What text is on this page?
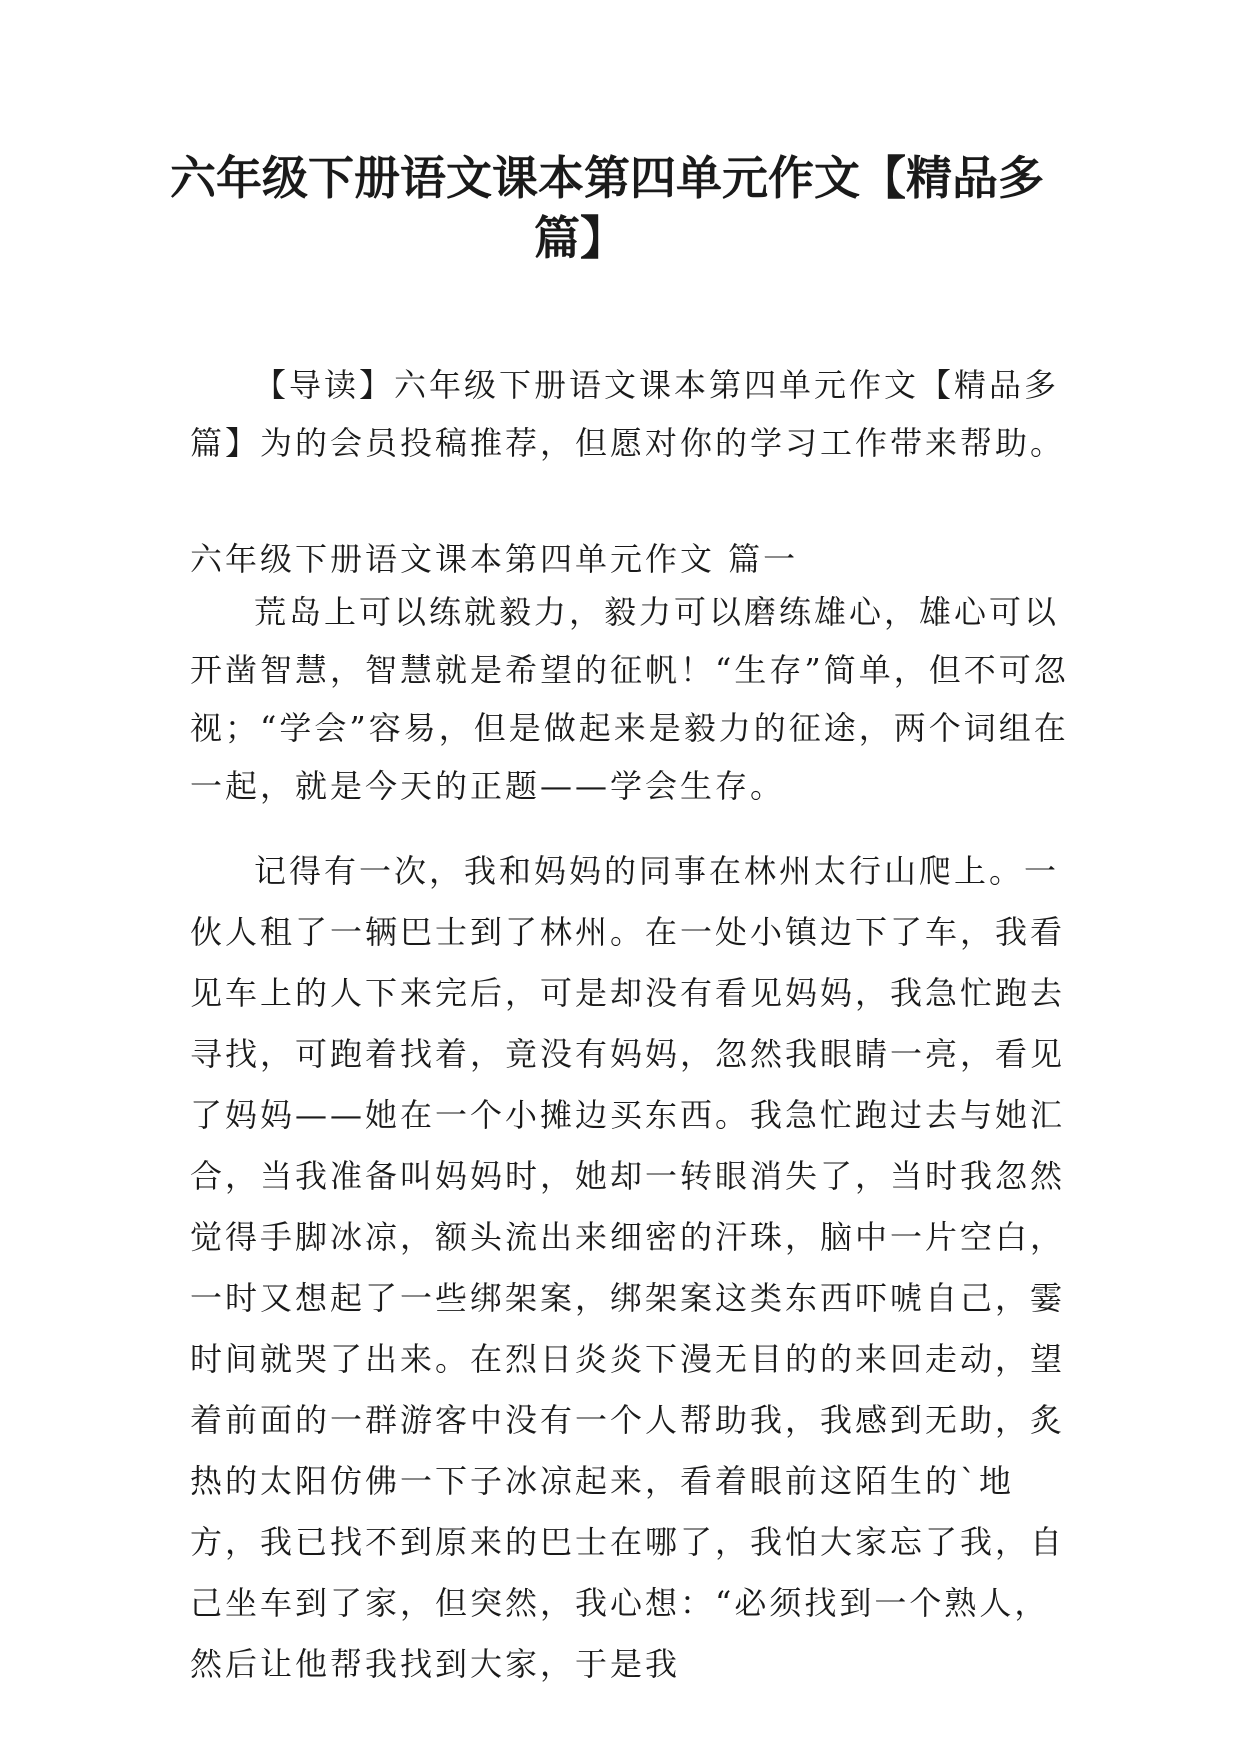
六年级下册语文课本第四单元作文【精品多
篇】

【导读】六年级下册语文课本第四单元作文【精品多篇】为的会员投稿推荐，但愿对你的学习工作带来帮助。

六年级下册语文课本第四单元作文 篇一

荒岛上可以练就毅力，毅力可以磨练雄心，雄心可以开凿智慧，智慧就是希望的征帆！“生存”简单，但不可忽视；“学会”容易，但是做起来是毅力的征途，两个词组在一起，就是今天的正题——学会生存。

记得有一次，我和妈妈的同事在林州太行山爬上。一伙人租了一辆巴士到了林州。在一处小镇边下了车，我看见车上的人下来完后，可是却没有看见妈妈，我急忙跑去寻找，可跑着找着，竟没有妈妈，忽然我眼睛一亮，看见了妈妈——她在一个小摊边买东西。我急忙跑过去与她汇合，当我准备叫妈妈时，她却一转眼消失了，当时我忽然觉得手脚冰凉，额头流出来细密的汗珠，脑中一片空白，一时又想起了一些绑架案，绑架案这类东西吓唬自己，霎时间就哭了出来。在烈日炎炎下漫无目的的来回走动，望着前面的一群游客中没有一个人帮助我，我感到无助，炙热的太阳仿佛一下子冰凉起来，看着眼前这陌生的`地方，我已找不到原来的巴士在哪了，我怕大家忘了我，自己坐车到了家，但突然，我心想：“必须找到一个熟人，然后让他帮我找到大家，于是我
